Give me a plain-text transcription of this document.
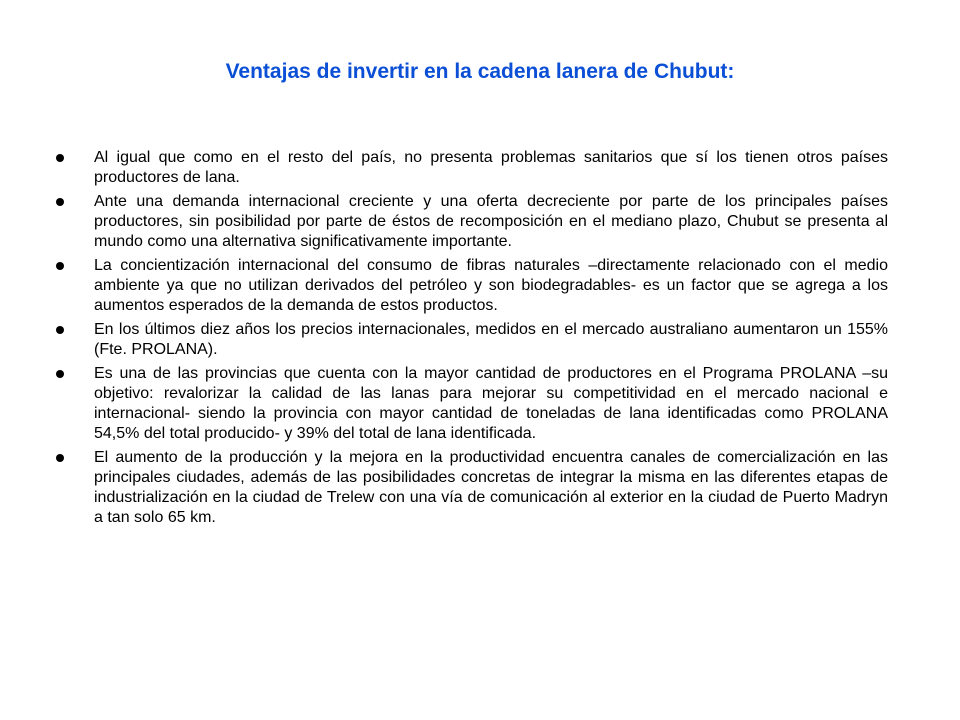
Ventajas de invertir en la cadena lanera de Chubut:
Al igual que como en el resto del país, no presenta problemas sanitarios que sí los tienen otros países productores de lana.
Ante una demanda internacional creciente y una oferta decreciente por parte de los principales países productores, sin posibilidad por parte de éstos de recomposición en el mediano plazo, Chubut se presenta al mundo como una alternativa significativamente importante.
La concientización internacional del consumo de fibras naturales –directamente relacionado con el medio ambiente ya que no utilizan derivados del petróleo y son biodegradables- es un factor que se agrega a los aumentos esperados de la demanda de estos productos.
En los últimos diez años los precios internacionales, medidos en el mercado australiano aumentaron un 155% (Fte. PROLANA).
Es una de las provincias que cuenta con la mayor cantidad de productores en el Programa PROLANA –su objetivo: revalorizar la calidad de las lanas para mejorar su competitividad en el mercado nacional e internacional- siendo la provincia con mayor cantidad de toneladas de lana identificadas como PROLANA 54,5% del total producido- y 39% del total de lana identificada.
El aumento de la producción y la mejora en la productividad encuentra canales de comercialización en las principales ciudades, además de las posibilidades concretas de integrar la misma en las diferentes etapas de industrialización en la ciudad de Trelew con una vía de comunicación al exterior en la ciudad de Puerto Madryn a tan solo 65 km.
